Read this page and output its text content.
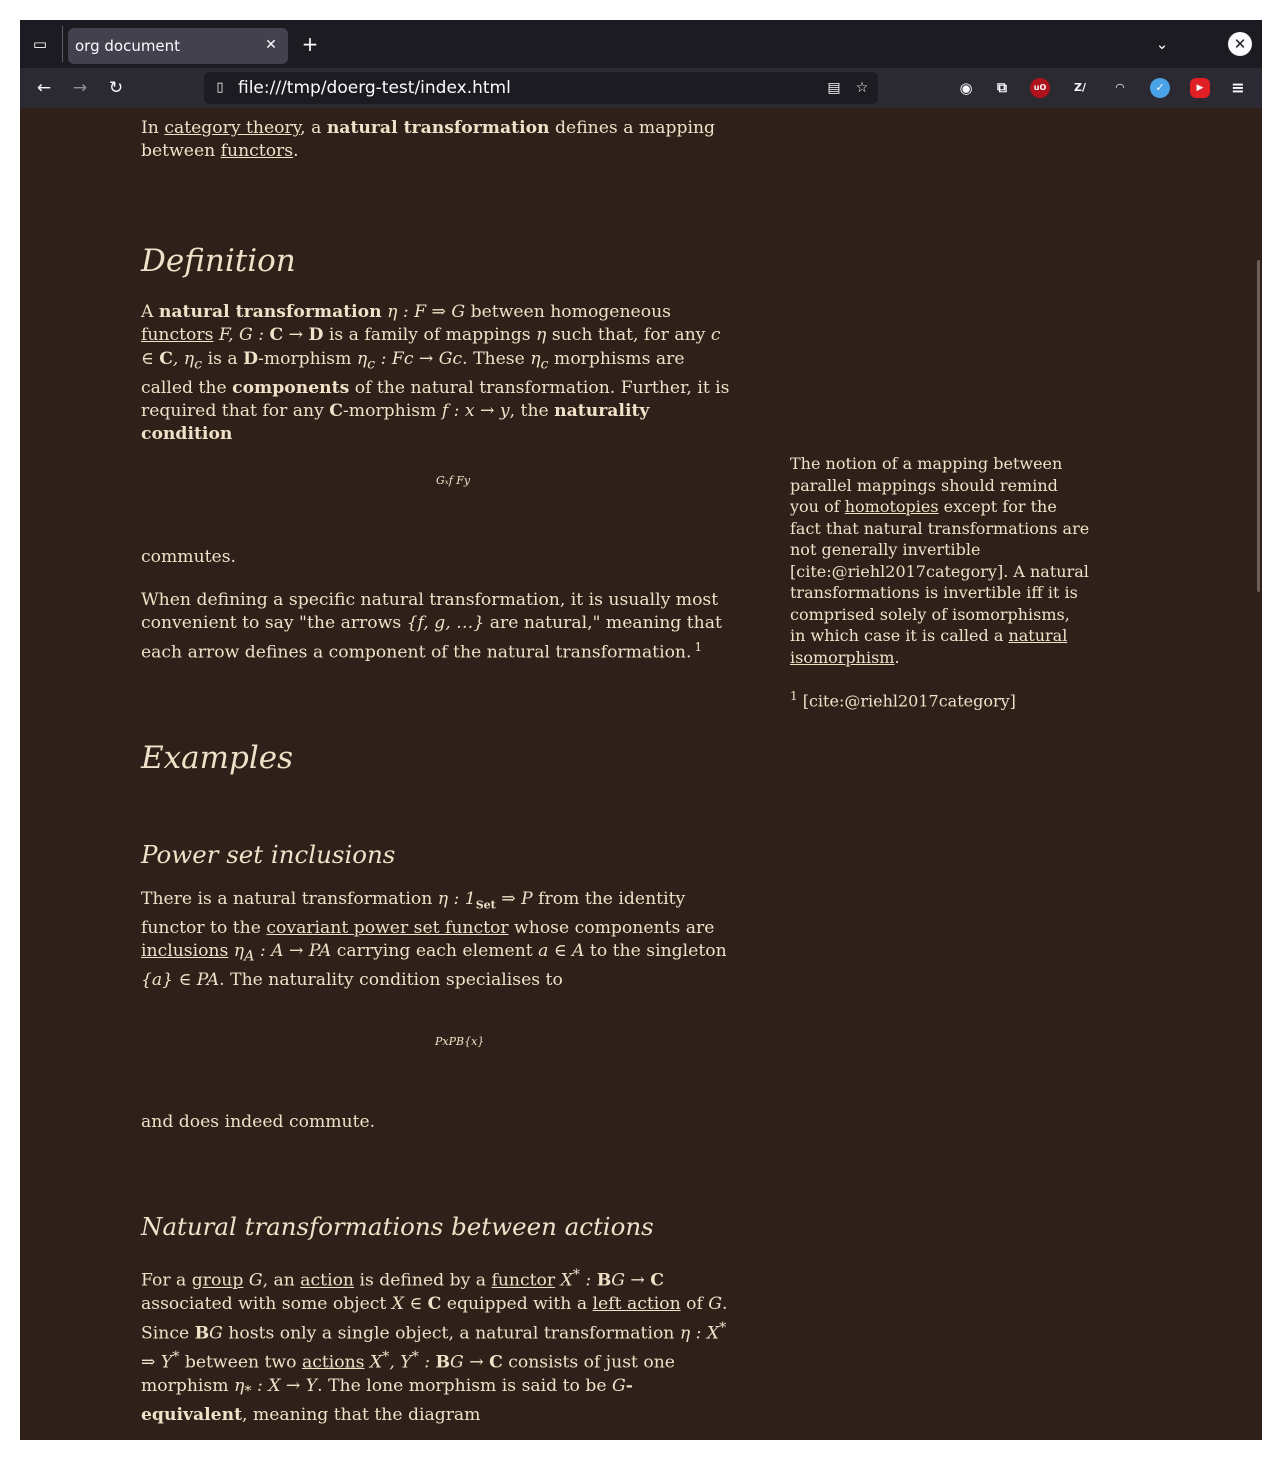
▭	org document	✕ +	⌄	✕
← → ↻	▯ file:///tmp/doerg-test/index.html	▤ ☆	◉	⧉	uO	Z/	◠	✓	▶	≡

In category theory, a natural transformation defines a mapping between functors.

Definition

A natural transformation η : F ⇒ G between homogeneous functors F, G : C → D is a family of mappings η such that, for any c ∈ C, $\eta_c$ is a D-morphism $\eta_c$ : Fc → Gc. These $\eta_c$ morphisms are called the components of the natural transformation. Further, it is required that for any C-morphism f : x → y, the naturality condition

Gₓf Fy

commutes.

When defining a specific natural transformation, it is usually most convenient to say "the arrows {f, g, …} are natural," meaning that each arrow defines a component of the natural transformation. $^1$

Examples
Power set inclusions

There is a natural transformation η : $1_{Set}$ ⇒ P from the identity functor to the covariant power set functor whose components are inclusions $\eta_A$ : A → PA carrying each element a ∈ A to the singleton {a} ∈ PA. The naturality condition specialises to

PxPB{x}

and does indeed commute.

Natural transformations between actions

For a group G, an action is defined by a functor X* : BG → C associated with some object X ∈ C equipped with a left action of G. Since BG hosts only a single object, a natural transformation η : X* ⇒ Y* between two actions X*, Y* : BG → C consists of just one morphism $\eta_*$ : X → Y. The lone morphism is said to be G-equivalent, meaning that the diagram

The notion of a mapping between parallel mappings should remind you of homotopies except for the fact that natural transformations are not generally invertible [cite:@riehl2017category]. A natural transformations is invertible iff it is comprised solely of isomorphisms, in which case it is called a natural isomorphism.

$^1$ [cite:@riehl2017category]
